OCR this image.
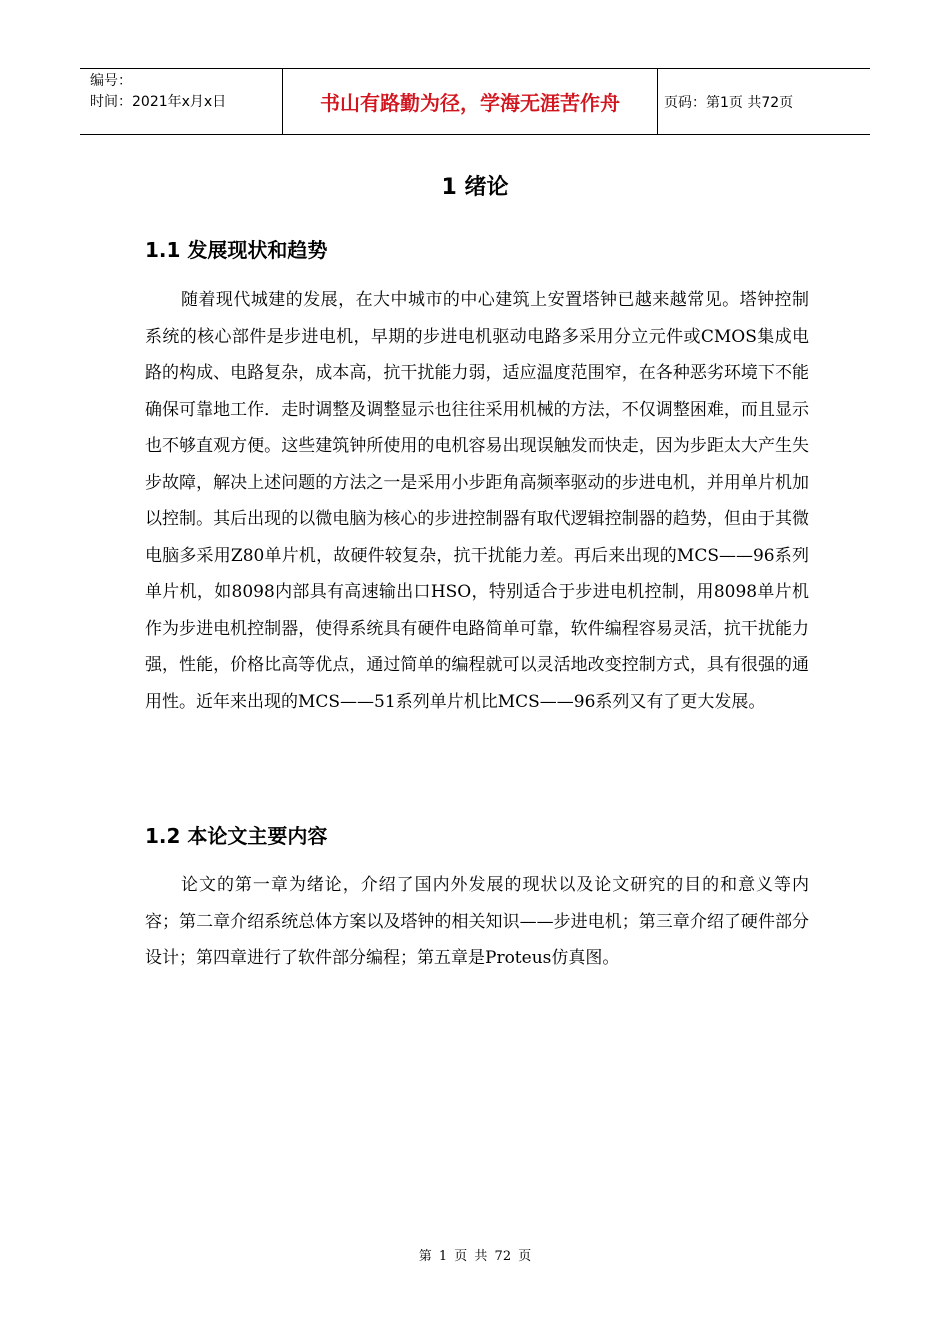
编号：
时间：2021年x月x日	书山有路勤为径，学海无涯苦作舟	页码：第1页 共72页
1 绪论
1.1 发展现状和趋势
随着现代城建的发展，在大中城市的中心建筑上安置塔钟已越来越常见。塔钟控制系统的核心部件是步进电机，早期的步进电机驱动电路多采用分立元件或CMOS集成电路的构成、电路复杂，成本高，抗干扰能力弱，适应温度范围窄，在各种恶劣环境下不能确保可靠地工作．走时调整及调整显示也往往采用机械的方法，不仅调整困难，而且显示也不够直观方便。这些建筑钟所使用的电机容易出现误触发而快走，因为步距太大产生失步故障，解决上述问题的方法之一是采用小步距角高频率驱动的步进电机，并用单片机加以控制。其后出现的以微电脑为核心的步进控制器有取代逻辑控制器的趋势，但由于其微电脑多采用Z80单片机，故硬件较复杂，抗干扰能力差。再后来出现的MCS——96系列单片机，如8098内部具有高速输出口HSO，特别适合于步进电机控制，用8098单片机作为步进电机控制器，使得系统具有硬件电路简单可靠，软件编程容易灵活，抗干扰能力强，性能，价格比高等优点，通过简单的编程就可以灵活地改变控制方式，具有很强的通用性。近年来出现的MCS——51系列单片机比MCS——96系列又有了更大发展。
1.2 本论文主要内容
论文的第一章为绪论，介绍了国内外发展的现状以及论文研究的目的和意义等内容；第二章介绍系统总体方案以及塔钟的相关知识——步进电机；第三章介绍了硬件部分设计；第四章进行了软件部分编程；第五章是Proteus仿真图。
第 1 页 共 72 页
